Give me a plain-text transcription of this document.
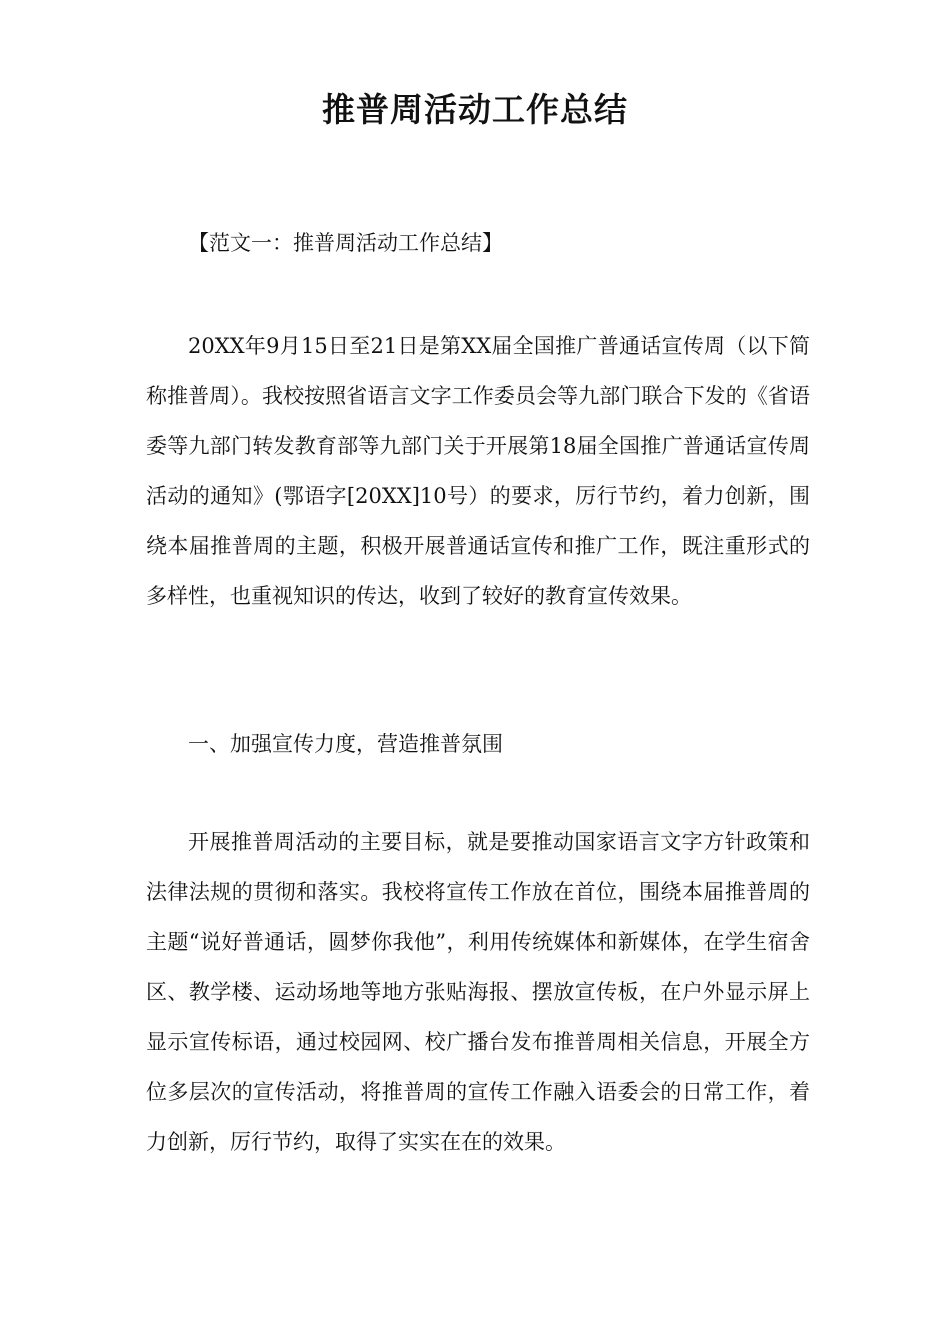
推普周活动工作总结

【范文一：推普周活动工作总结】

20XX年9月15日至21日是第XX届全国推广普通话宣传周（以下简称推普周）。我校按照省语言文字工作委员会等九部门联合下发的《省语委等九部门转发教育部等九部门关于开展第18届全国推广普通话宣传周活动的通知》(鄂语字[20XX]10号）的要求，厉行节约，着力创新，围绕本届推普周的主题，积极开展普通话宣传和推广工作，既注重形式的多样性，也重视知识的传达，收到了较好的教育宣传效果。

一、加强宣传力度，营造推普氛围

开展推普周活动的主要目标，就是要推动国家语言文字方针政策和法律法规的贯彻和落实。我校将宣传工作放在首位，围绕本届推普周的主题“说好普通话，圆梦你我他”，利用传统媒体和新媒体，在学生宿舍区、教学楼、运动场地等地方张贴海报、摆放宣传板，在户外显示屏上显示宣传标语，通过校园网、校广播台发布推普周相关信息，开展全方位多层次的宣传活动，将推普周的宣传工作融入语委会的日常工作，着力创新，厉行节约，取得了实实在在的效果。
